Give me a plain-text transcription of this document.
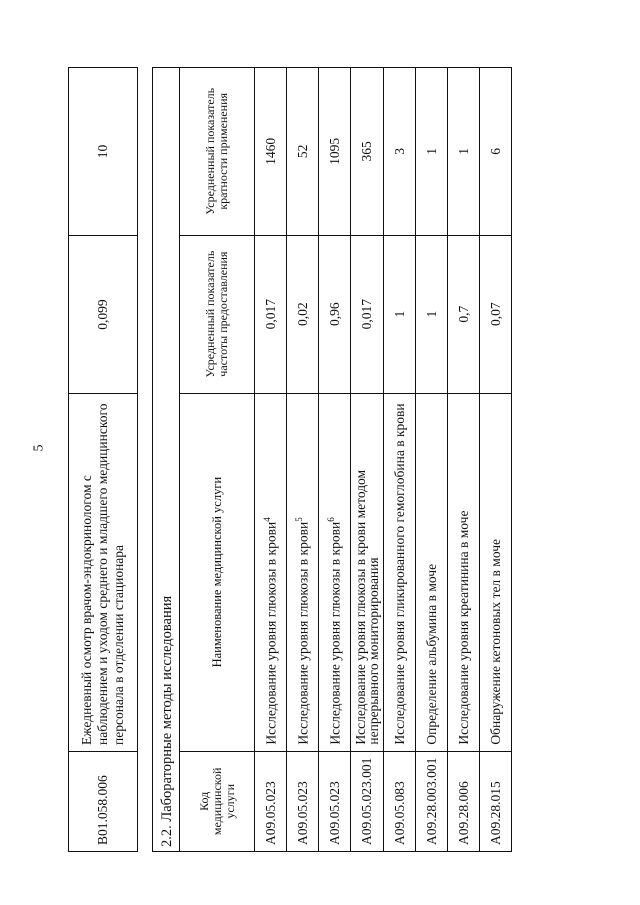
5
B01.058.006	Ежедневный осмотр врачом-эндокринологом с наблюдением и уходом среднего и младшего медицинского персонала в отделении стационара	0,099	10
2.2. Лабораторные методы исследования			
Код медицинской услуги	Наименование медицинской услуги	Усредненный показатель частоты предоставления	Усредненный показатель кратности применения
A09.05.023	Исследование уровня глюкозы в крови$^4$	0,017	1460
A09.05.023	Исследование уровня глюкозы в крови$^5$	0,02	52
A09.05.023	Исследование уровня глюкозы в крови$^6$	0,96	1095
A09.05.023.001	Исследование уровня глюкозы в крови методом непрерывного мониторирования	0,017	365
A09.05.083	Исследование уровня гликированного гемоглобина в крови	1	3
A09.28.003.001	Определение альбумина в моче	1	1
A09.28.006	Исследование уровня креатинина в моче	0,7	1
A09.28.015	Обнаружение кетоновых тел в моче	0,07	6
